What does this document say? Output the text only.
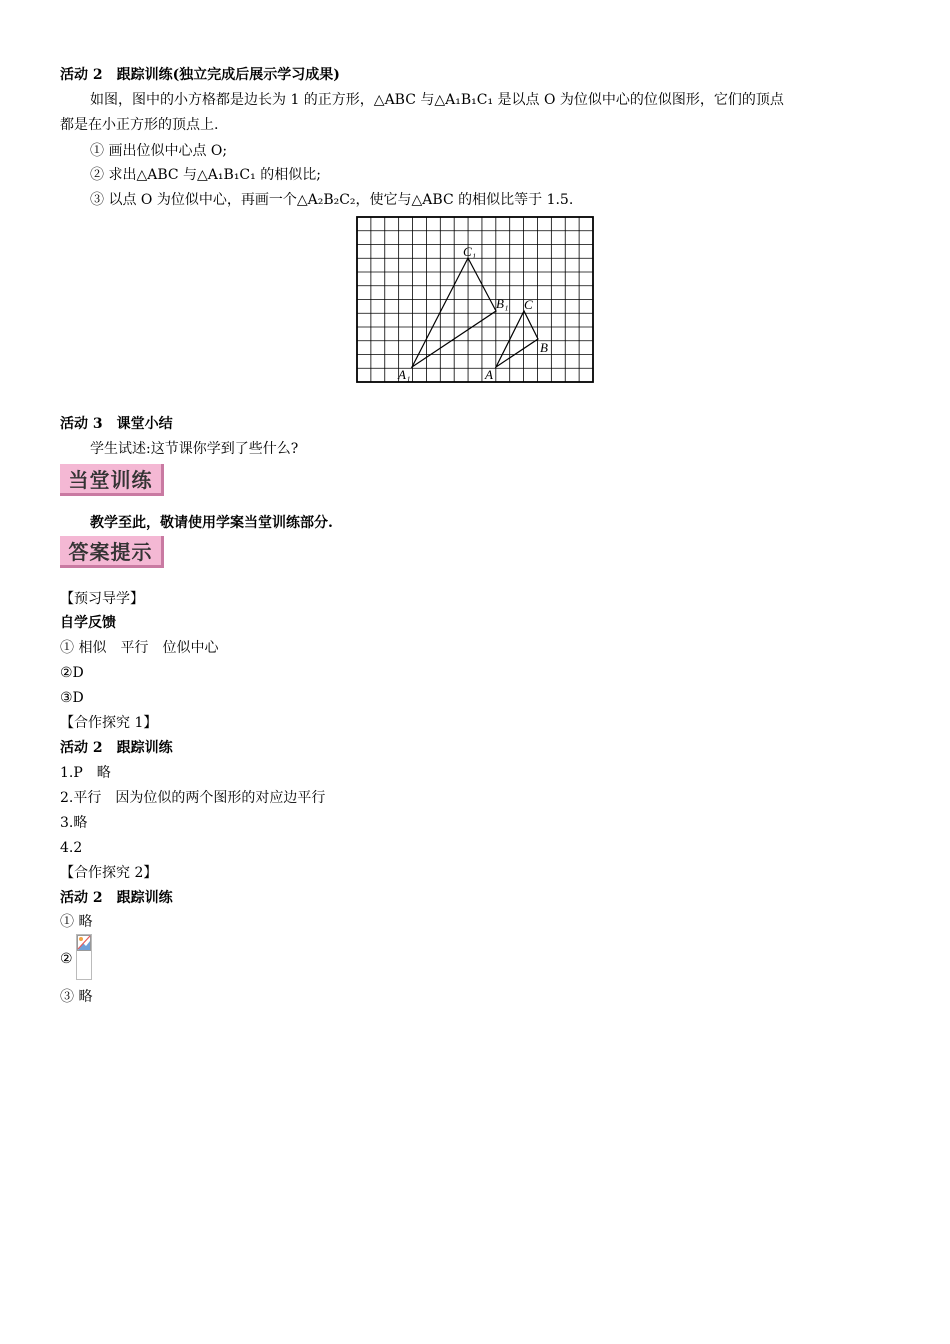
活动 2　跟踪训练(独立完成后展示学习成果)
如图，图中的小方格都是边长为 1 的正方形，△ABC 与△A₁B₁C₁ 是以点 O 为位似中心的位似图形，它们的顶点
都是在小正方形的顶点上.
① 画出位似中心点 O;
② 求出△ABC 与△A₁B₁C₁ 的相似比;
③ 以点 O 为位似中心，再画一个△A₂B₂C₂，使它与△ABC 的相似比等于 1.5.
C₁
B₁
A₁
C
B
A
活动 3　课堂小结
学生试述:这节课你学到了些什么?
当堂训练
教学至此，敬请使用学案当堂训练部分.
答案提示
【预习导学】
自学反馈
① 相似　平行　位似中心
②D
③D
【合作探究 1】
活动 2　跟踪训练
1.P　略
2.平行　因为位似的两个图形的对应边平行
3.略
4.2
【合作探究 2】
活动 2　跟踪训练
① 略
②
③ 略
